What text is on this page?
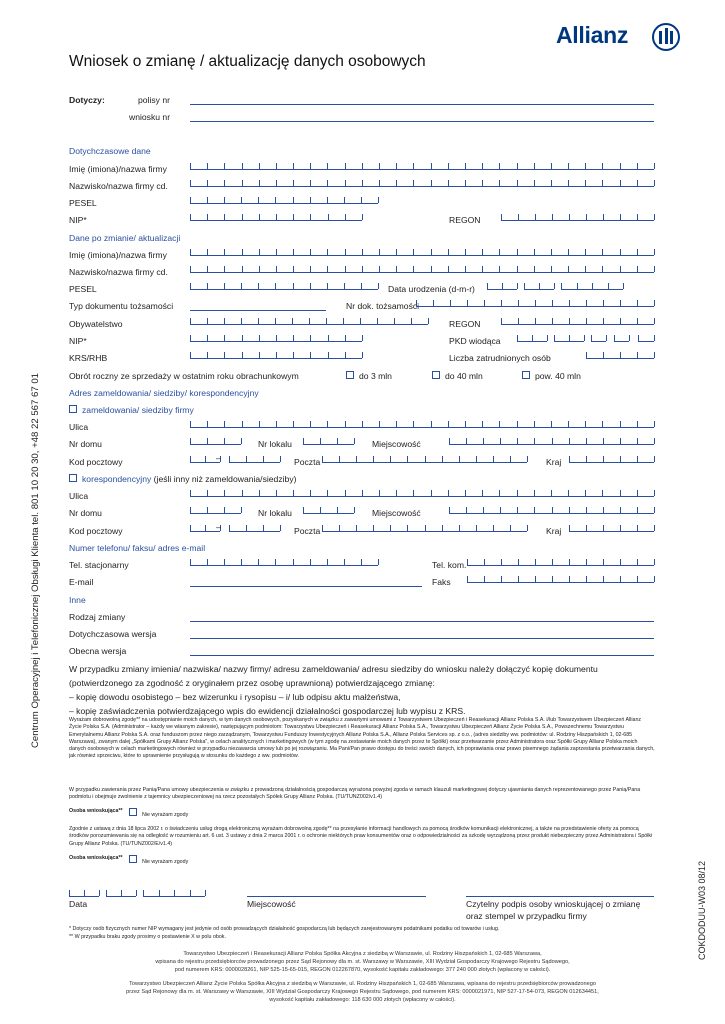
Allianz
Centrum Operacyjnej i Telefonicznej Obsługi Klienta tel. 801 10 20 30, +48 22 567 67 01
COKDODUU-W03 08/12
Wniosek o zmianę / aktualizację danych osobowych
Dotyczy:	polisy nr
wniosku nr
Dotychczasowe dane
Imię (imiona)/nazwa firmy
Nazwisko/nazwa firmy cd.
PESEL
NIP*	REGON
Dane po zmianie/ aktualizacji
Imię (imiona)/nazwa firmy
Nazwisko/nazwa firmy cd.
PESEL	Data urodzenia (d-m-r)
Typ dokumentu tożsamości	Nr dok. tożsamości
Obywatelstwo	REGON
NIP*	PKD wiodąca
KRS/RHB	Liczba zatrudnionych osób
Obrót roczny ze sprzedaży w ostatnim roku obrachunkowym	do 3 mln	do 40 mln	pow. 40 mln
Adres zameldowania/ siedziby/ korespondencyjny
zameldowania/ siedziby firmy
Ulica
Nr domu	Nr lokalu	Miejscowość
Kod pocztowy	–	Poczta	Kraj
korespondencyjny (jeśli inny niż zameldowania/siedziby)
Ulica
Nr domu	Nr lokalu	Miejscowość
Kod pocztowy	–	Poczta	Kraj
Numer telefonu/ faksu/ adres e-mail
Tel. stacjonarny	Tel. kom.
E-mail	Faks
Inne
Rodzaj zmiany
Dotychczasowa wersja
Obecna wersja
W przypadku zmiany imienia/ nazwiska/ nazwy firmy/ adresu zameldowania/ adresu siedziby do wniosku należy dołączyć kopię dokumentu
(potwierdzonego za zgodność z oryginałem przez osobę uprawnioną) potwierdzającego zmianę:
– kopię dowodu osobistego – bez wizerunku i rysopisu – i/ lub odpisu aktu małżeństwa,
– kopię zaświadczenia potwierdzającego wpis do ewidencji działalności gospodarczej lub wypisu z KRS.
Wyrażam dobrowolną zgodę** na udostępnianie moich danych, w tym danych osobowych, pozyskanych w związku z zawartymi umowami z Towarzystwem Ubezpieczeń i Reasekuracji Allianz Polska S.A. i/lub Towarzystwem Ubezpieczeń Allianz Życie Polska S.A. (Administrator – każdy we własnym zakresie), następującym podmiotom: Towarzystwu Ubezpieczeń i Reasekuracji Allianz Polska S.A., Towarzystwu Ubezpieczeń Allianz Życie Polska S.A., Powszechnemu Towarzystwu Emerytalnemu Allianz Polska S.A. oraz funduszom przez niego zarządzanym, Towarzystwu Funduszy Inwestycyjnych Allianz Polska S.A., Allianz Polska Services sp. z o.o., (adres siedziby ww. podmiotów: ul. Rodziny Hiszpańskich 1, 02-685 Warszawa), zwanym dalej „Spółkami Grupy Allianz Polska", w celach analitycznych i marketingowych (w tym zgodę na zestawianie moich danych przez te Spółki) oraz przetwarzanie przez Administratora oraz Spółki Grupy Allianz Polska moich danych osobowych w celach marketingowych również w przypadku niezawarcia umowy lub po jej rozwiązaniu. Ma Pani/Pan prawo dostępu do treści swoich danych, ich poprawiania oraz prawo pisemnego żądania zaprzestania przetwarzania danych, jak również sprzeciwu, które to uprawnienie przysługują w stosunku do każdego z ww. podmiotów.
W przypadku zawierania przez Panią/Pana umowy ubezpieczenia w związku z prowadzoną działalnością gospodarczą wyrażona powyżej zgoda w ramach klauzuli marketingowej dotyczy ujawniania danych reprezentowanego przez Panią/Pana podmiotu i obejmuje zwolnienie z tajemnicy ubezpieczeniowej na rzecz pozostałych Spółek Grupy Allianz Polska. (TU/TUNZ002/v1.4)
Osoba wnioskująca**
Nie wyrażam zgody
Zgodnie z ustawą z dnia 18 lipca 2002 r. o świadczeniu usług drogą elektroniczną wyrażam dobrowolną zgodę** na przesyłanie informacji handlowych za pomocą środków komunikacji elektronicznej, a także na przedstawienie oferty za pomocą środków porozumiewania się na odległość w rozumieniu art. 6 ust. 3 ustawy z dnia 2 marca 2001 r. o ochronie niektórych praw konsumentów oraz o odpowiedzialności za szkodę wyrządzoną przez produkt niebezpieczny przez Administratora i Spółki Grupy Allianz Polska. (TU/TUNZ002/E/v1.4)
Osoba wnioskująca**
Nie wyrażam zgody
Data	Miejscowość	Czytelny podpis osoby wnioskującej o zmianę
oraz stempel w przypadku firmy
* Dotyczy osób fizycznych numer NIP wymagany jest jedynie od osób prowadzących działalność gospodarczą lub będących zarejestrowanymi podatnikami podatku od towarów i usług.
** W przypadku braku zgody prosimy o postawienie X w polu obok.
Towarzystwo Ubezpieczeń i Reasekuracji Allianz Polska Spółka Akcyjna z siedzibą w Warszawie, ul. Rodziny Hiszpańskich 1, 02-685 Warszawa,
wpisana do rejestru przedsiębiorców prowadzonego przez Sąd Rejonowy dla m. st. Warszawy w Warszawie, XIII Wydział Gospodarczy Krajowego Rejestru Sądowego,
pod numerem KRS: 0000028261, NIP 525-15-65-015, REGON 012267870, wysokość kapitału zakładowego: 377 240 000 złotych (wpłacony w całości).
Towarzystwo Ubezpieczeń Allianz Życie Polska Spółka Akcyjna z siedzibą w Warszawie, ul. Rodziny Hiszpańskich 1, 02-685 Warszawa, wpisana do rejestru przedsiębiorców prowadzonego
przez Sąd Rejonowy dla m. st. Warszawy w Warszawie, XIII Wydział Gospodarczy Krajowego Rejestru Sądowego, pod numerem KRS: 0000021971, NIP 527-17-54-073, REGON 012634451,
wysokość kapitału zakładowego: 118 630 000 złotych (wpłacony w całości).
